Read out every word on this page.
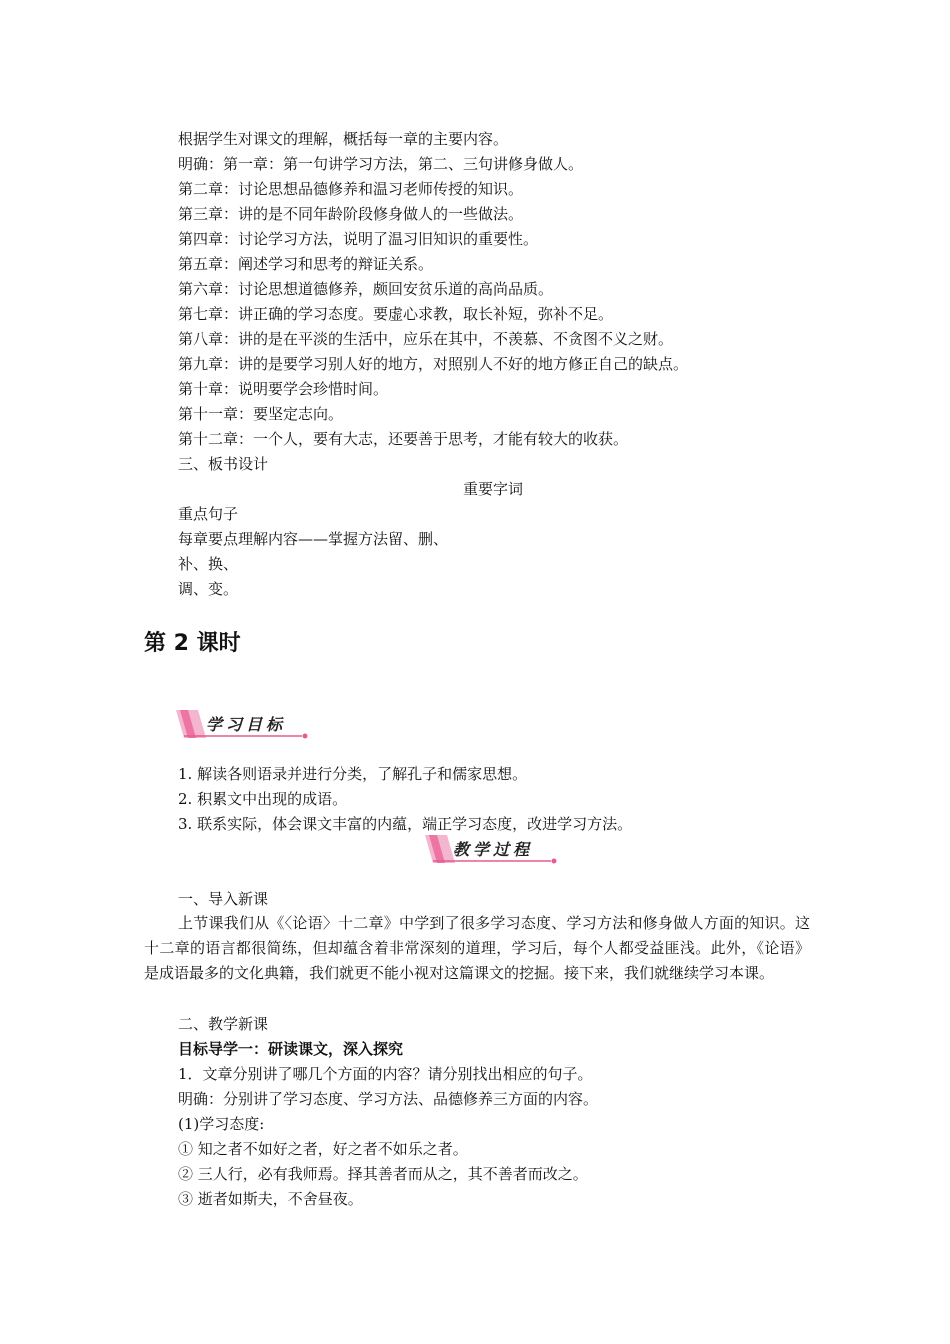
根据学生对课文的理解，概括每一章的主要内容。
明确：第一章：第一句讲学习方法，第二、三句讲修身做人。
第二章：讨论思想品德修养和温习老师传授的知识。
第三章：讲的是不同年龄阶段修身做人的一些做法。
第四章：讨论学习方法，说明了温习旧知识的重要性。
第五章：阐述学习和思考的辩证关系。
第六章：讨论思想道德修养，颇回安贫乐道的高尚品质。
第七章：讲正确的学习态度。要虚心求教，取长补短，弥补不足。
第八章：讲的是在平淡的生活中，应乐在其中，不羡慕、不贪图不义之财。
第九章：讲的是要学习别人好的地方，对照别人不好的地方修正自己的缺点。
第十章：说明要学会珍惜时间。
第十一章：要坚定志向。
第十二章：一个人，要有大志，还要善于思考，才能有较大的收获。
三、板书设计
重要字词
重点句子
每章要点理解内容——掌握方法留、删、
补、换、
调、变。
第 2 课时
学习目标
1. 解读各则语录并进行分类，了解孔子和儒家思想。
2. 积累文中出现的成语。
3. 联系实际，体会课文丰富的内蕴，端正学习态度，改进学习方法。
教学过程
一、导入新课
上节课我们从《〈论语〉十二章》中学到了很多学习态度、学习方法和修身做人方面的知识。这十二章的语言都很简练，但却蕴含着非常深刻的道理，学习后，每个人都受益匪浅。此外，《论语》是成语最多的文化典籍，我们就更不能小视对这篇课文的挖掘。接下来，我们就继续学习本课。
二、教学新课
目标导学一：研读课文，深入探究
1．文章分别讲了哪几个方面的内容？请分别找出相应的句子。
明确：分别讲了学习态度、学习方法、品德修养三方面的内容。
(1)学习态度:
① 知之者不如好之者，好之者不如乐之者。
② 三人行，必有我师焉。择其善者而从之，其不善者而改之。
③ 逝者如斯夫，不舍昼夜。
